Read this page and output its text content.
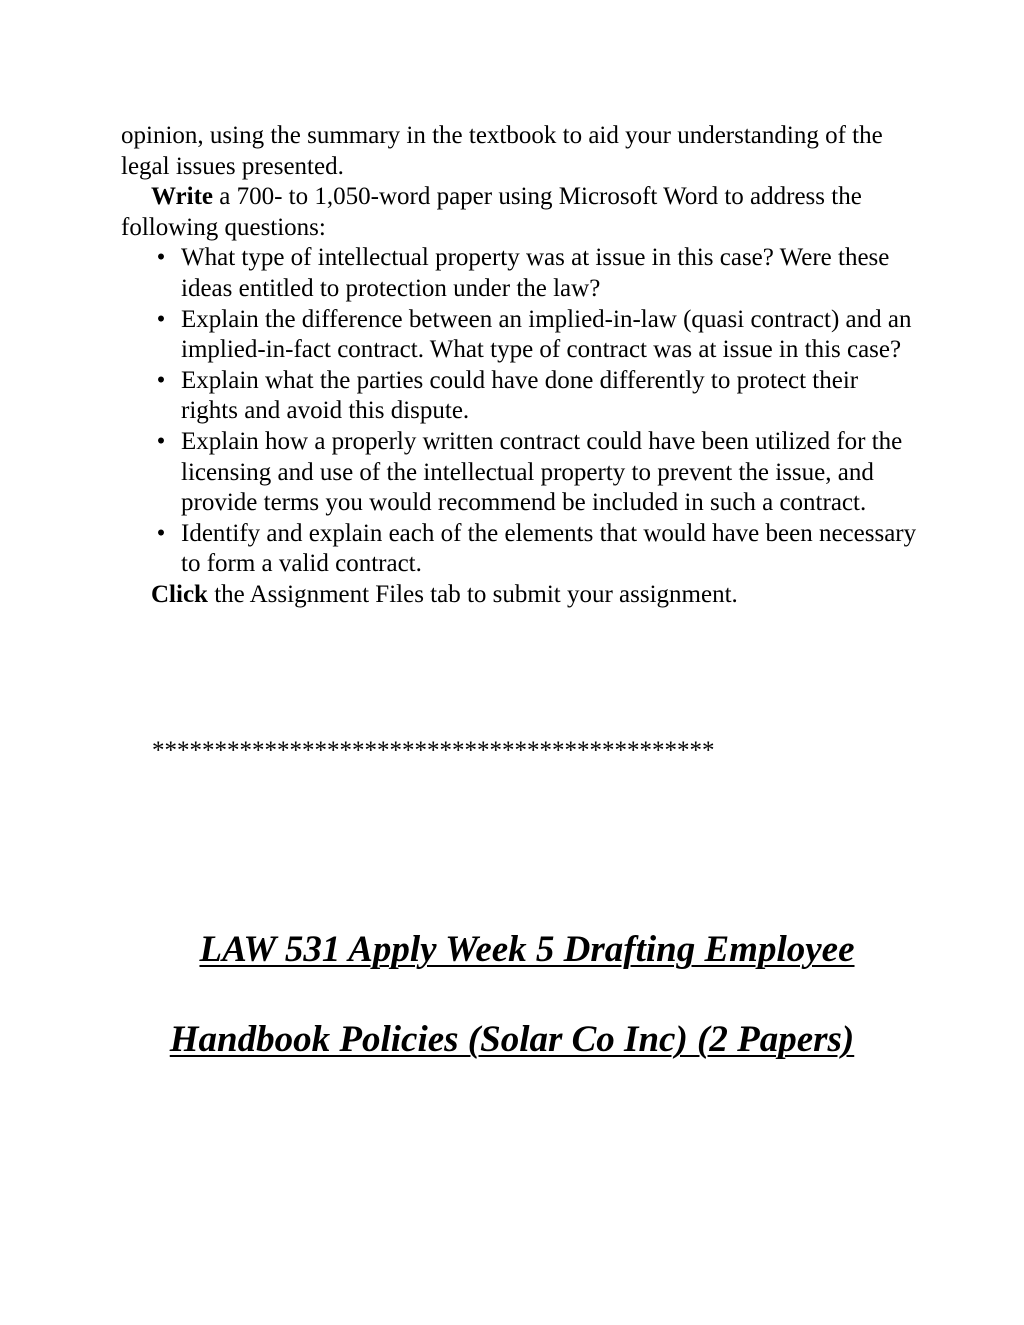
opinion, using the summary in the textbook to aid your understanding of the legal issues presented.

Write a 700- to 1,050-word paper using Microsoft Word to address the following questions:

• What type of intellectual property was at issue in this case? Were these ideas entitled to protection under the law?
• Explain the difference between an implied-in-law (quasi contract) and an implied-in-fact contract. What type of contract was at issue in this case?
• Explain what the parties could have done differently to protect their rights and avoid this dispute.
• Explain how a properly written contract could have been utilized for the licensing and use of the intellectual property to prevent the issue, and provide terms you would recommend be included in such a contract.
• Identify and explain each of the elements that would have been necessary to form a valid contract.

Click the Assignment Files tab to submit your assignment.

*********************************************
LAW 531 Apply Week 5 Drafting Employee
Handbook Policies (Solar Co Inc) (2 Papers)
